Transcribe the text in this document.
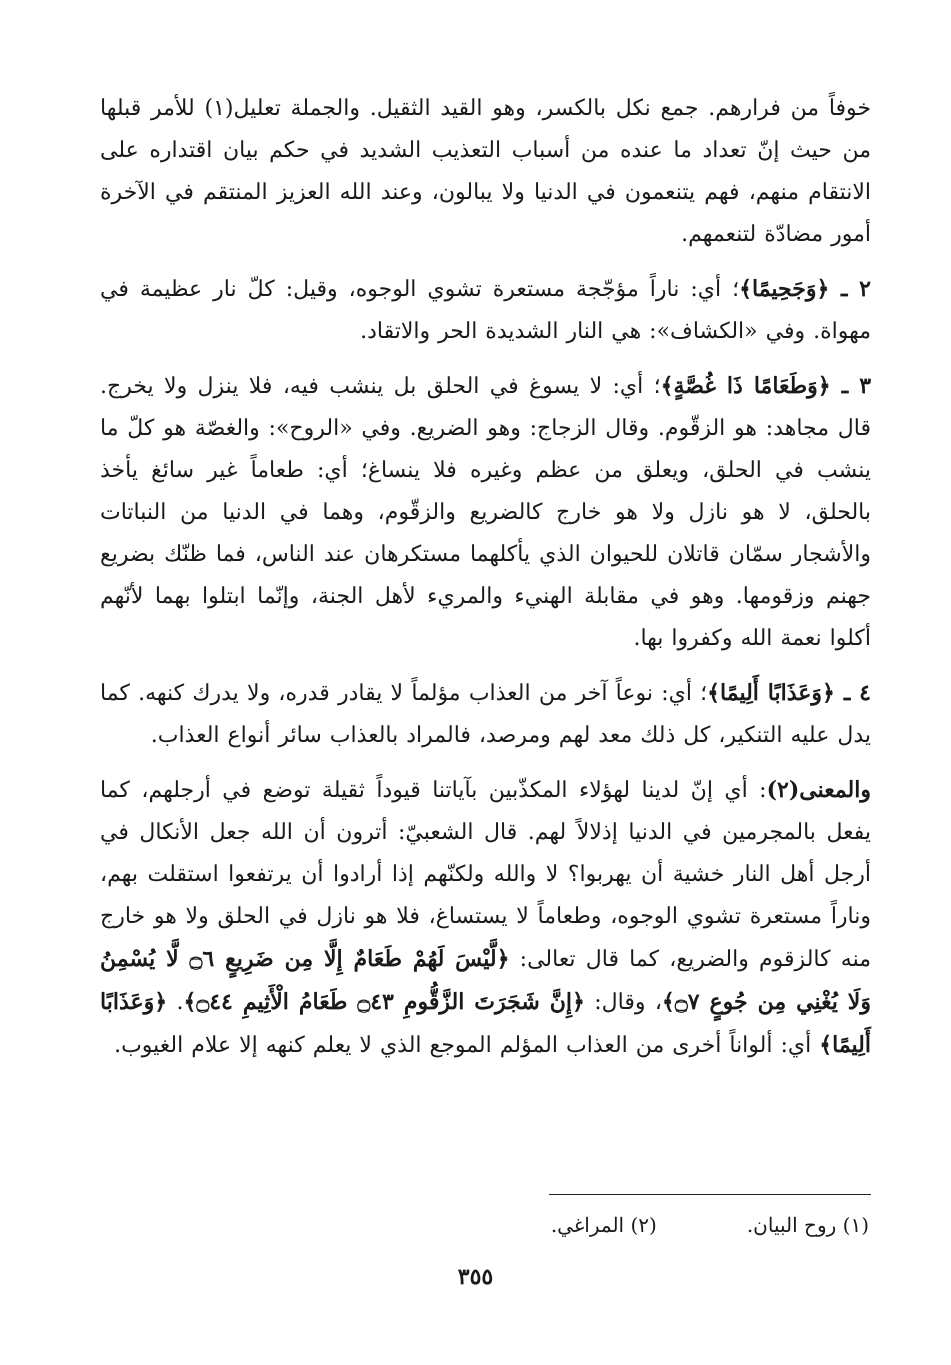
خوفاً من فرارهم. جمع نكل بالكسر، وهو القيد الثقيل. والجملة تعليل(١) للأمر قبلها من حيث إنّ تعداد ما عنده من أسباب التعذيب الشديد في حكم بيان اقتداره على الانتقام منهم، فهم يتنعمون في الدنيا ولا يبالون، وعند الله العزيز المنتقم في الآخرة أمور مضادّة لتنعمهم.

٢ ـ ﴿وَجَحِيمًا﴾؛ أي: ناراً مؤجّجة مستعرة تشوي الوجوه، وقيل: كلّ نار عظيمة في مهواة. وفي «الكشاف»: هي النار الشديدة الحر والاتقاد.

٣ ـ ﴿وَطَعَامًا ذَا غُصَّةٍ﴾؛ أي: لا يسوغ في الحلق بل ينشب فيه، فلا ينزل ولا يخرج. قال مجاهد: هو الزقّوم. وقال الزجاج: وهو الضريع. وفي «الروح»: والغصّة هو كلّ ما ينشب في الحلق، ويعلق من عظم وغيره فلا ينساغ؛ أي: طعاماً غير سائغ يأخذ بالحلق، لا هو نازل ولا هو خارج كالضريع والزقّوم، وهما في الدنيا من النباتات والأشجار سمّان قاتلان للحيوان الذي يأكلهما مستكرهان عند الناس، فما ظنّك بضريع جهنم وزقومها. وهو في مقابلة الهنيء والمريء لأهل الجنة، وإنّما ابتلوا بهما لأنّهم أكلوا نعمة الله وكفروا بها.

٤ ـ ﴿وَعَذَابًا أَلِيمًا﴾؛ أي: نوعاً آخر من العذاب مؤلماً لا يقادر قدره، ولا يدرك كنهه. كما يدل عليه التنكير، كل ذلك معد لهم ومرصد، فالمراد بالعذاب سائر أنواع العذاب.

والمعنى(٢): أي إنّ لدينا لهؤلاء المكذّبين بآياتنا قيوداً ثقيلة توضع في أرجلهم، كما يفعل بالمجرمين في الدنيا إذلالاً لهم. قال الشعبيّ: أترون أن الله جعل الأنكال في أرجل أهل النار خشية أن يهربوا؟ لا والله ولكنّهم إذا أرادوا أن يرتفعوا استقلت بهم، وناراً مستعرة تشوي الوجوه، وطعاماً لا يستساغ، فلا هو نازل في الحلق ولا هو خارج منه كالزقوم والضريع، كما قال تعالى: ﴿لَّيْسَ لَهُمْ طَعَامٌ إِلَّا مِن ضَرِيعٍ ۝٦ لَّا يُسْمِنُ وَلَا يُغْنِي مِن جُوعٍ ۝٧﴾، وقال: ﴿إِنَّ شَجَرَتَ الزَّقُّومِ ۝٤٣ طَعَامُ الْأَثِيمِ ۝٤٤﴾. ﴿وَعَذَابًا أَلِيمًا﴾ أي: ألواناً أخرى من العذاب المؤلم الموجع الذي لا يعلم كنهه إلا علام الغيوب.

(١) روح البيان.
(٢) المراغي.
٣٥٥
